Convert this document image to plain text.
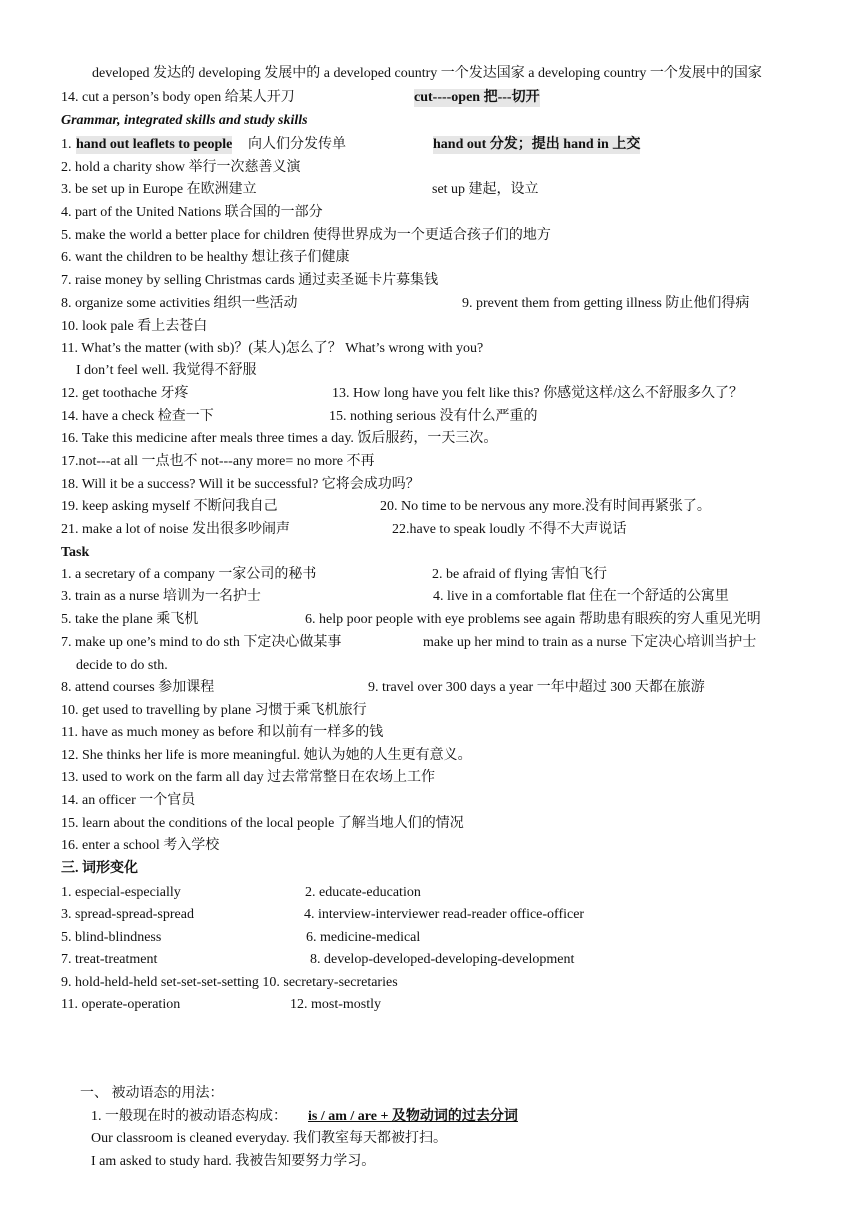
developed 发达的 developing 发展中的 a developed country 一个发达国家 a developing country 一个发展中的国家
14. cut a person’s body open 给某人开刀	cut----open 把---切开
Grammar, integrated skills and study skills
1. hand out leaflets to people 向人们分发传单	hand out 分发；提出 hand in 上交
2. hold a charity show 举行一次慈善义演
3. be set up in Europe 在欧洲建立	set up 建起，设立
4. part of the United Nations 联合国的一部分
5. make the world a better place for children 使得世界成为一个更适合孩子们的地方
6. want the children to be healthy 想让孩子们健康
7. raise money by selling Christmas cards 通过卖圣诞卡片募集钱
8. organize some activities 组织一些活动	9. prevent them from getting illness 防止他们得病
10. look pale 看上去苍白
11. What’s the matter (with sb)？(某人)怎么了？ What’s wrong with you?
I don’t feel well. 我觉得不舒服
12. get toothache 牙疼	13. How long have you felt like this? 你感觉这样/这么不舒服多久了？
14. have a check 检查一下	15. nothing serious 没有什么严重的
16. Take this medicine after meals three times a day. 饭后服药，一天三次。
17.not---at all 一点也不 not---any more= no more 不再
18. Will it be a success? Will it be successful? 它将会成功吗？
19. keep asking myself 不断问我自己	20. No time to be nervous any more.没有时间再紧张了。
21. make a lot of noise 发出很多吵闹声	22.have to speak loudly 不得不大声说话
Task
1. a secretary of a company 一家公司的秘书	2. be afraid of flying 害怕飞行
3. train as a nurse 培训为一名护士	4. live in a comfortable flat 住在一个舒适的公寓里
5. take the plane 乘飞机	6. help poor people with eye problems see again 帮助患有眼疾的穷人重见光明
7. make up one’s mind to do sth 下定决心做某事	make up her mind to train as a nurse 下定决心培训当护士
decide to do sth.
8. attend courses 参加课程	9. travel over 300 days a year 一年中超过 300 天都在旅游
10. get used to travelling by plane 习惯于乘飞机旅行
11. have as much money as before 和以前有一样多的钱
12. She thinks her life is more meaningful. 她认为她的人生更有意义。
13. used to work on the farm all day 过去常常整日在农场上工作
14. an officer 一个官员
15. learn about the conditions of the local people 了解当地人们的情况
16. enter a school 考入学校
三. 词形变化
1. especial-especially	2. educate-education
3. spread-spread-spread	4. interview-interviewer read-reader office-officer
5. blind-blindness	6. medicine-medical
7. treat-treatment	8. develop-developed-developing-development
9. hold-held-held set-set-set-setting 10. secretary-secretaries
11. operate-operation	12. most-mostly
一、 被动语态的用法：
1. 一般现在时的被动语态构成： is / am / are + 及物动词的过去分词
Our classroom is cleaned everyday. 我们教室每天都被打扫。
I am asked to study hard. 我被告知要努力学习。
